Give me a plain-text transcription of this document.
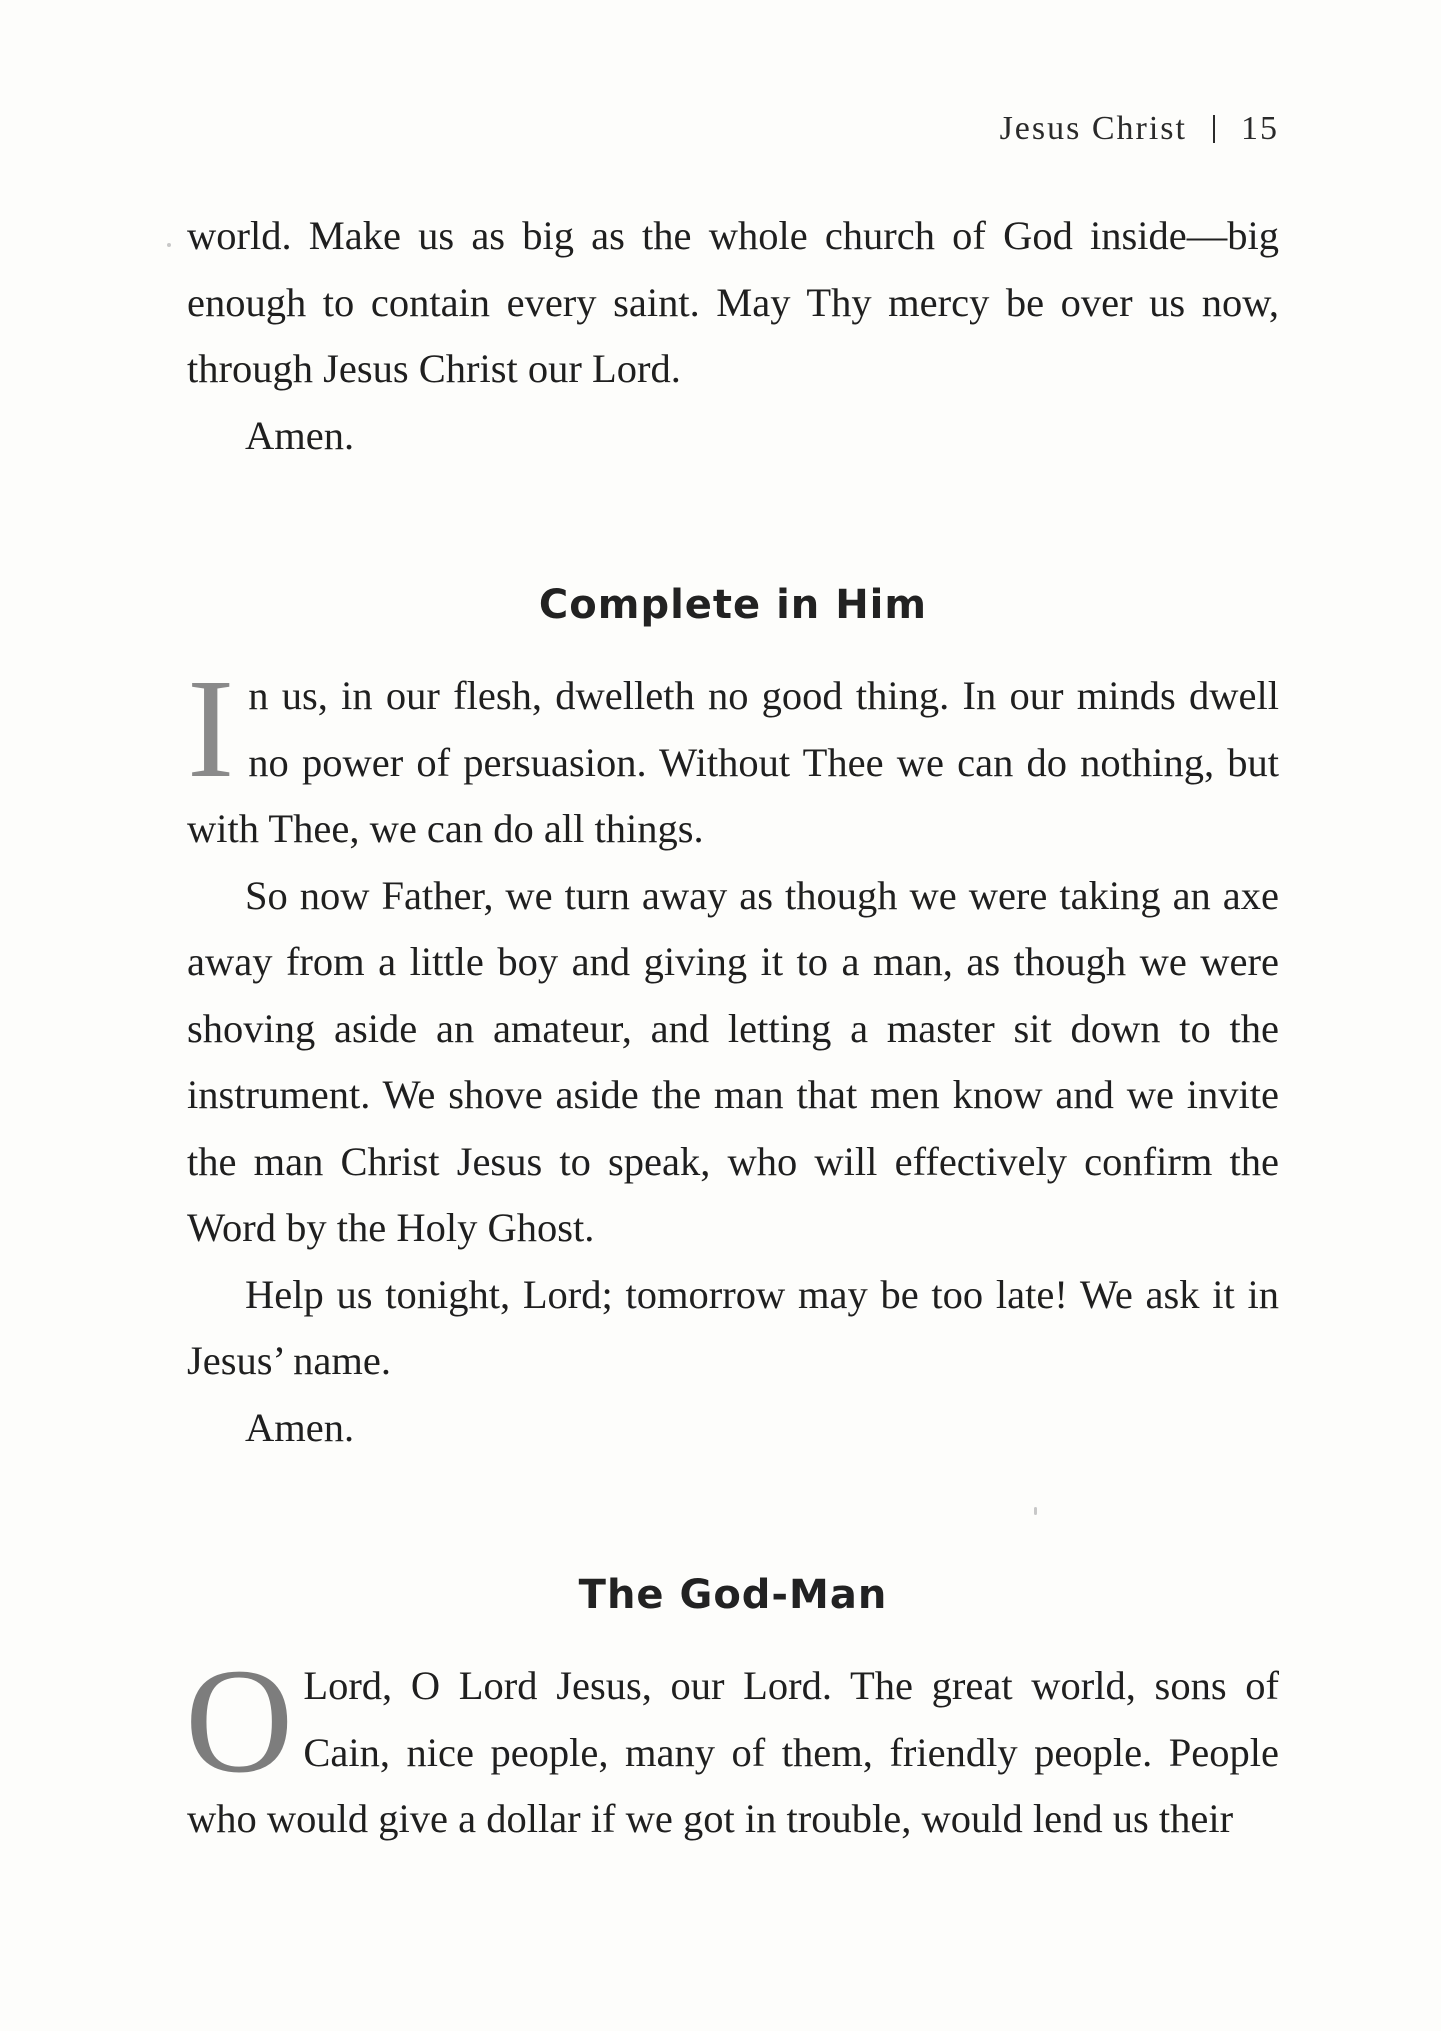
Jesus Christ 15

world. Make us as big as the whole church of God inside—big enough to contain every saint. May Thy mercy be over us now, through Jesus Christ our Lord.

Amen.

Complete in Him

In us, in our flesh, dwelleth no good thing. In our minds dwell no power of persuasion. Without Thee we can do nothing, but with Thee, we can do all things.

So now Father, we turn away as though we were taking an axe away from a little boy and giving it to a man, as though we were shoving aside an amateur, and letting a master sit down to the instrument. We shove aside the man that men know and we invite the man Christ Jesus to speak, who will effectively confirm the Word by the Holy Ghost.

Help us tonight, Lord; tomorrow may be too late! We ask it in Jesus’ name.

Amen.

The God-Man

O Lord, O Lord Jesus, our Lord. The great world, sons of Cain, nice people, many of them, friendly people. People who would give a dollar if we got in trouble, would lend us their
